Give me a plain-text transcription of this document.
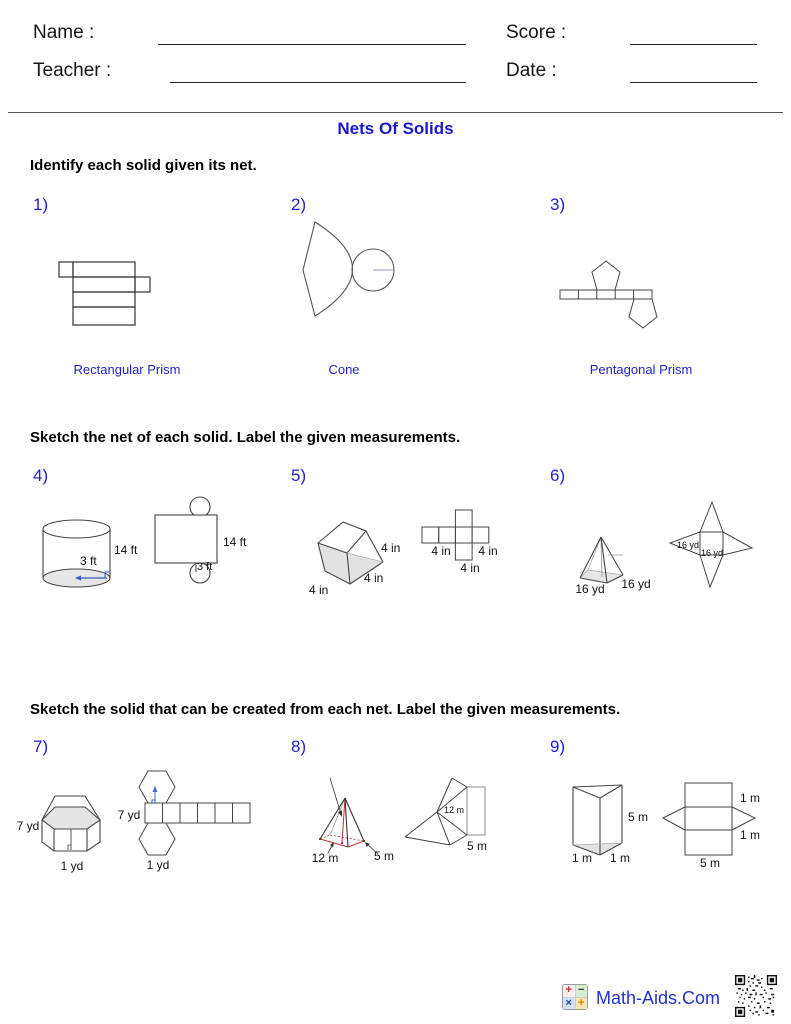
Name :	Score :
Teacher :	Date :
Nets Of Solids
Identify each solid given its net.
1)	2)	3)
Rectangular Prism	Cone	Pentagonal Prism
Sketch the net of each solid. Label the given measurements.
4)	5)	6)
14 ft
3 ft
14 ft
3 ft
4 in
4 in
4 in
4 in 4 in
4 in
16 yd 16 yd
16 yd
16 yd
Sketch the solid that can be created from each net. Label the given measurements.
7)	8)	9)
7 yd
1 yd
7 yd
1 yd	12 m	5 m
12 m
5 m
5 m
1 m 1 m
1 m
1 m
5 m
+ −
× + Math-Aids.Com
